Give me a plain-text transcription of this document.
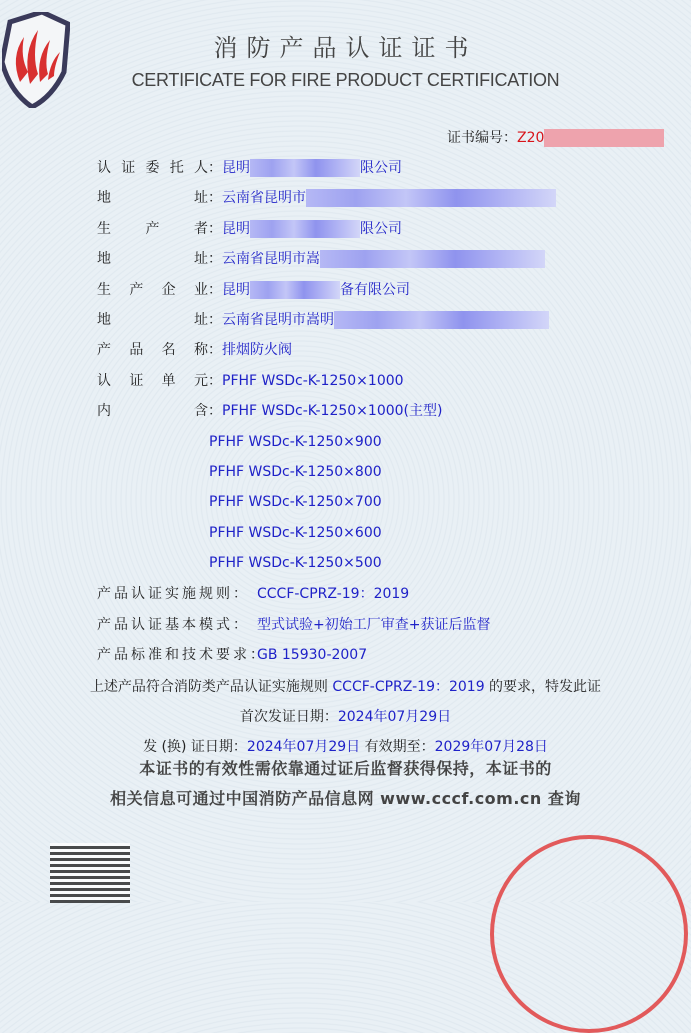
消防产品认证证书
CERTIFICATE FOR FIRE PRODUCT CERTIFICATION
证书编号：Z20
认证委托人：昆明	限公司
地址：云南省昆明市
生产者：昆明	限公司
地址：云南省昆明市嵩
生产企业：昆明	备有限公司
地址：云南省昆明市嵩明
产品名称：排烟防火阀
认证单元：PFHF WSDc-K-1250×1000
内含：PFHF WSDc-K-1250×1000(主型)
PFHF WSDc-K-1250×900
PFHF WSDc-K-1250×800
PFHF WSDc-K-1250×700
PFHF WSDc-K-1250×600
PFHF WSDc-K-1250×500
产品认证实施规则： CCCF-CPRZ-19：2019
产品认证基本模式： 型式试验+初始工厂审查+获证后监督
产品标准和技术要求：GB 15930-2007
上述产品符合消防类产品认证实施规则 CCCF-CPRZ-19：2019 的要求，特发此证
首次发证日期：2024年07月29日
发 (换) 证日期：2024年07月29日 有效期至：2029年07月28日
本证书的有效性需依靠通过证后监督获得保持，本证书的
相关信息可通过中国消防产品信息网 www.cccf.com.cn 查询
